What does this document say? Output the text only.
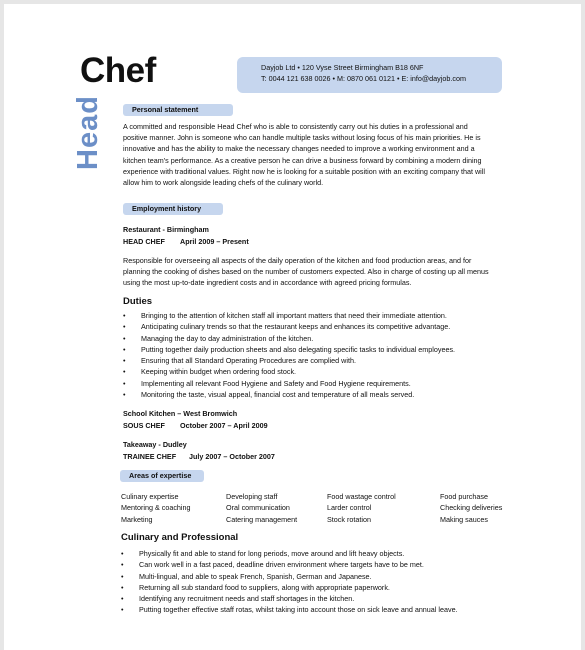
Chef
Head
Dayjob Ltd • 120 Vyse Street Birmingham B18 6NF
T: 0044 121 638 0026 • M: 0870 061 0121 • E: info@dayjob.com
Personal statement
A committed and responsible Head Chef who is able to consistently carry out his duties in a professional and
positive manner. John is someone who can handle multiple tasks without losing focus of his main priorities. He is
innovative and has the ability to make the necessary changes needed to improve a working environment and a
kitchen team's performance. As a creative person he can drive a business forward by combining a modern dining
experience with traditional values. Right now he is looking for a suitable position with an exciting company that will
allow him to work alongside leading chefs of the culinary world.
Employment history
Restaurant - Birmingham
HEAD CHEF April 2009 – Present
Responsible for overseeing all aspects of the daily operation of the kitchen and food production areas, and for
planning the cooking of dishes based on the number of customers expected. Also in charge of costing up all menus
using the most up-to-date ingredient costs and in accordance with agreed pricing formulas.
Duties
• Bringing to the attention of kitchen staff all important matters that need their immediate attention.
• Anticipating culinary trends so that the restaurant keeps and enhances its competitive advantage.
• Managing the day to day administration of the kitchen.
• Putting together daily production sheets and also delegating specific tasks to individual employees.
• Ensuring that all Standard Operating Procedures are complied with.
• Keeping within budget when ordering food stock.
• Implementing all relevant Food Hygiene and Safety and Food Hygiene requirements.
• Monitoring the taste, visual appeal, financial cost and temperature of all meals served.
School Kitchen – West Bromwich
SOUS CHEF October 2007 – April 2009
Takeaway - Dudley
TRAINEE CHEF July 2007 – October 2007
Areas of expertise
Culinary expertise
Mentoring & coaching
Marketing
Developing staff
Oral communication
Catering management
Food wastage control
Larder control
Stock rotation
Food purchase
Checking deliveries
Making sauces
Culinary and Professional
• Physically fit and able to stand for long periods, move around and lift heavy objects.
• Can work well in a fast paced, deadline driven environment where targets have to be met.
• Multi-lingual, and able to speak French, Spanish, German and Japanese.
• Returning all sub standard food to suppliers, along with appropriate paperwork.
• Identifying any recruitment needs and staff shortages in the kitchen.
• Putting together effective staff rotas, whilst taking into account those on sick leave and annual leave.
